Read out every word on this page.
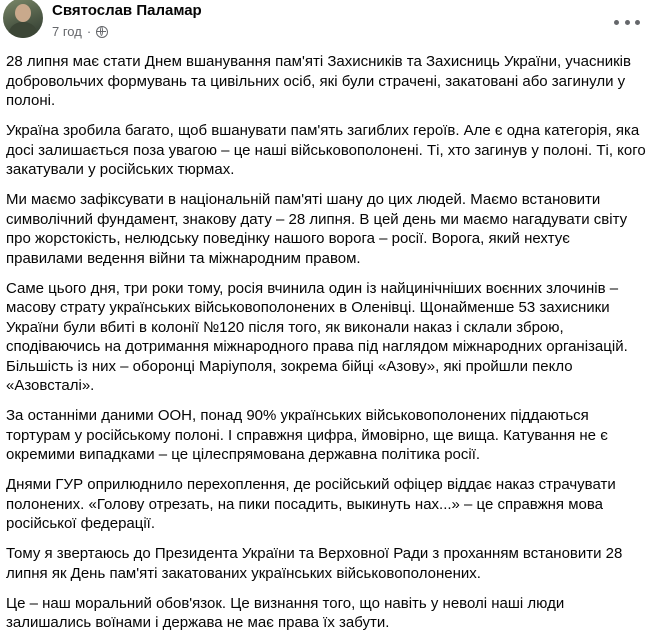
Святослав Паламар
7 год ·

28 липня має стати Днем вшанування пам'яті Захисників та Захисниць України, учасників добровольчих формувань та цивільних осіб, які були страчені, закатовані або загинули у полоні.

Україна зробила багато, щоб вшанувати пам'ять загиблих героїв. Але є одна категорія, яка досі залишається поза увагою – це наші військовополонені. Ті, хто загинув у полоні. Ті, кого закатували у російських тюрмах.

Ми маємо зафіксувати в національній пам'яті шану до цих людей. Маємо встановити символічний фундамент, знакову дату – 28 липня. В цей день ми маємо нагадувати світу про жорстокість, нелюдську поведінку нашого ворога – росії. Ворога, який нехтує правилами ведення війни та міжнародним правом.

Саме цього дня, три роки тому, росія вчинила один із найцинічніших воєнних злочинів – масову страту українських військовополонених в Оленівці. Щонайменше 53 захисники України були вбиті в колонії №120 після того, як виконали наказ і склали зброю, сподіваючись на дотримання міжнародного права під наглядом міжнародних організацій. Більшість із них – оборонці Маріуполя, зокрема бійці «Азову», які пройшли пекло «Азовсталі».

За останніми даними ООН, понад 90% українських військовополонених піддаються тортурам у російському полоні. І справжня цифра, ймовірно, ще вища. Катування не є окремими випадками – це цілеспрямована державна політика росії.

Днями ГУР оприлюднило перехоплення, де російський офіцер віддає наказ страчувати полонених. «Голову отрезать, на пики посадить, выкинуть нах...» – це справжня мова російської федерації.

Тому я звертаюсь до Президента України та Верховної Ради з проханням встановити 28 липня як День пам'яті закатованих українських військовополонених.

Це – наш моральний обов'язок. Це визнання того, що навіть у неволі наші люди залишались воїнами і держава не має права їх забути.
